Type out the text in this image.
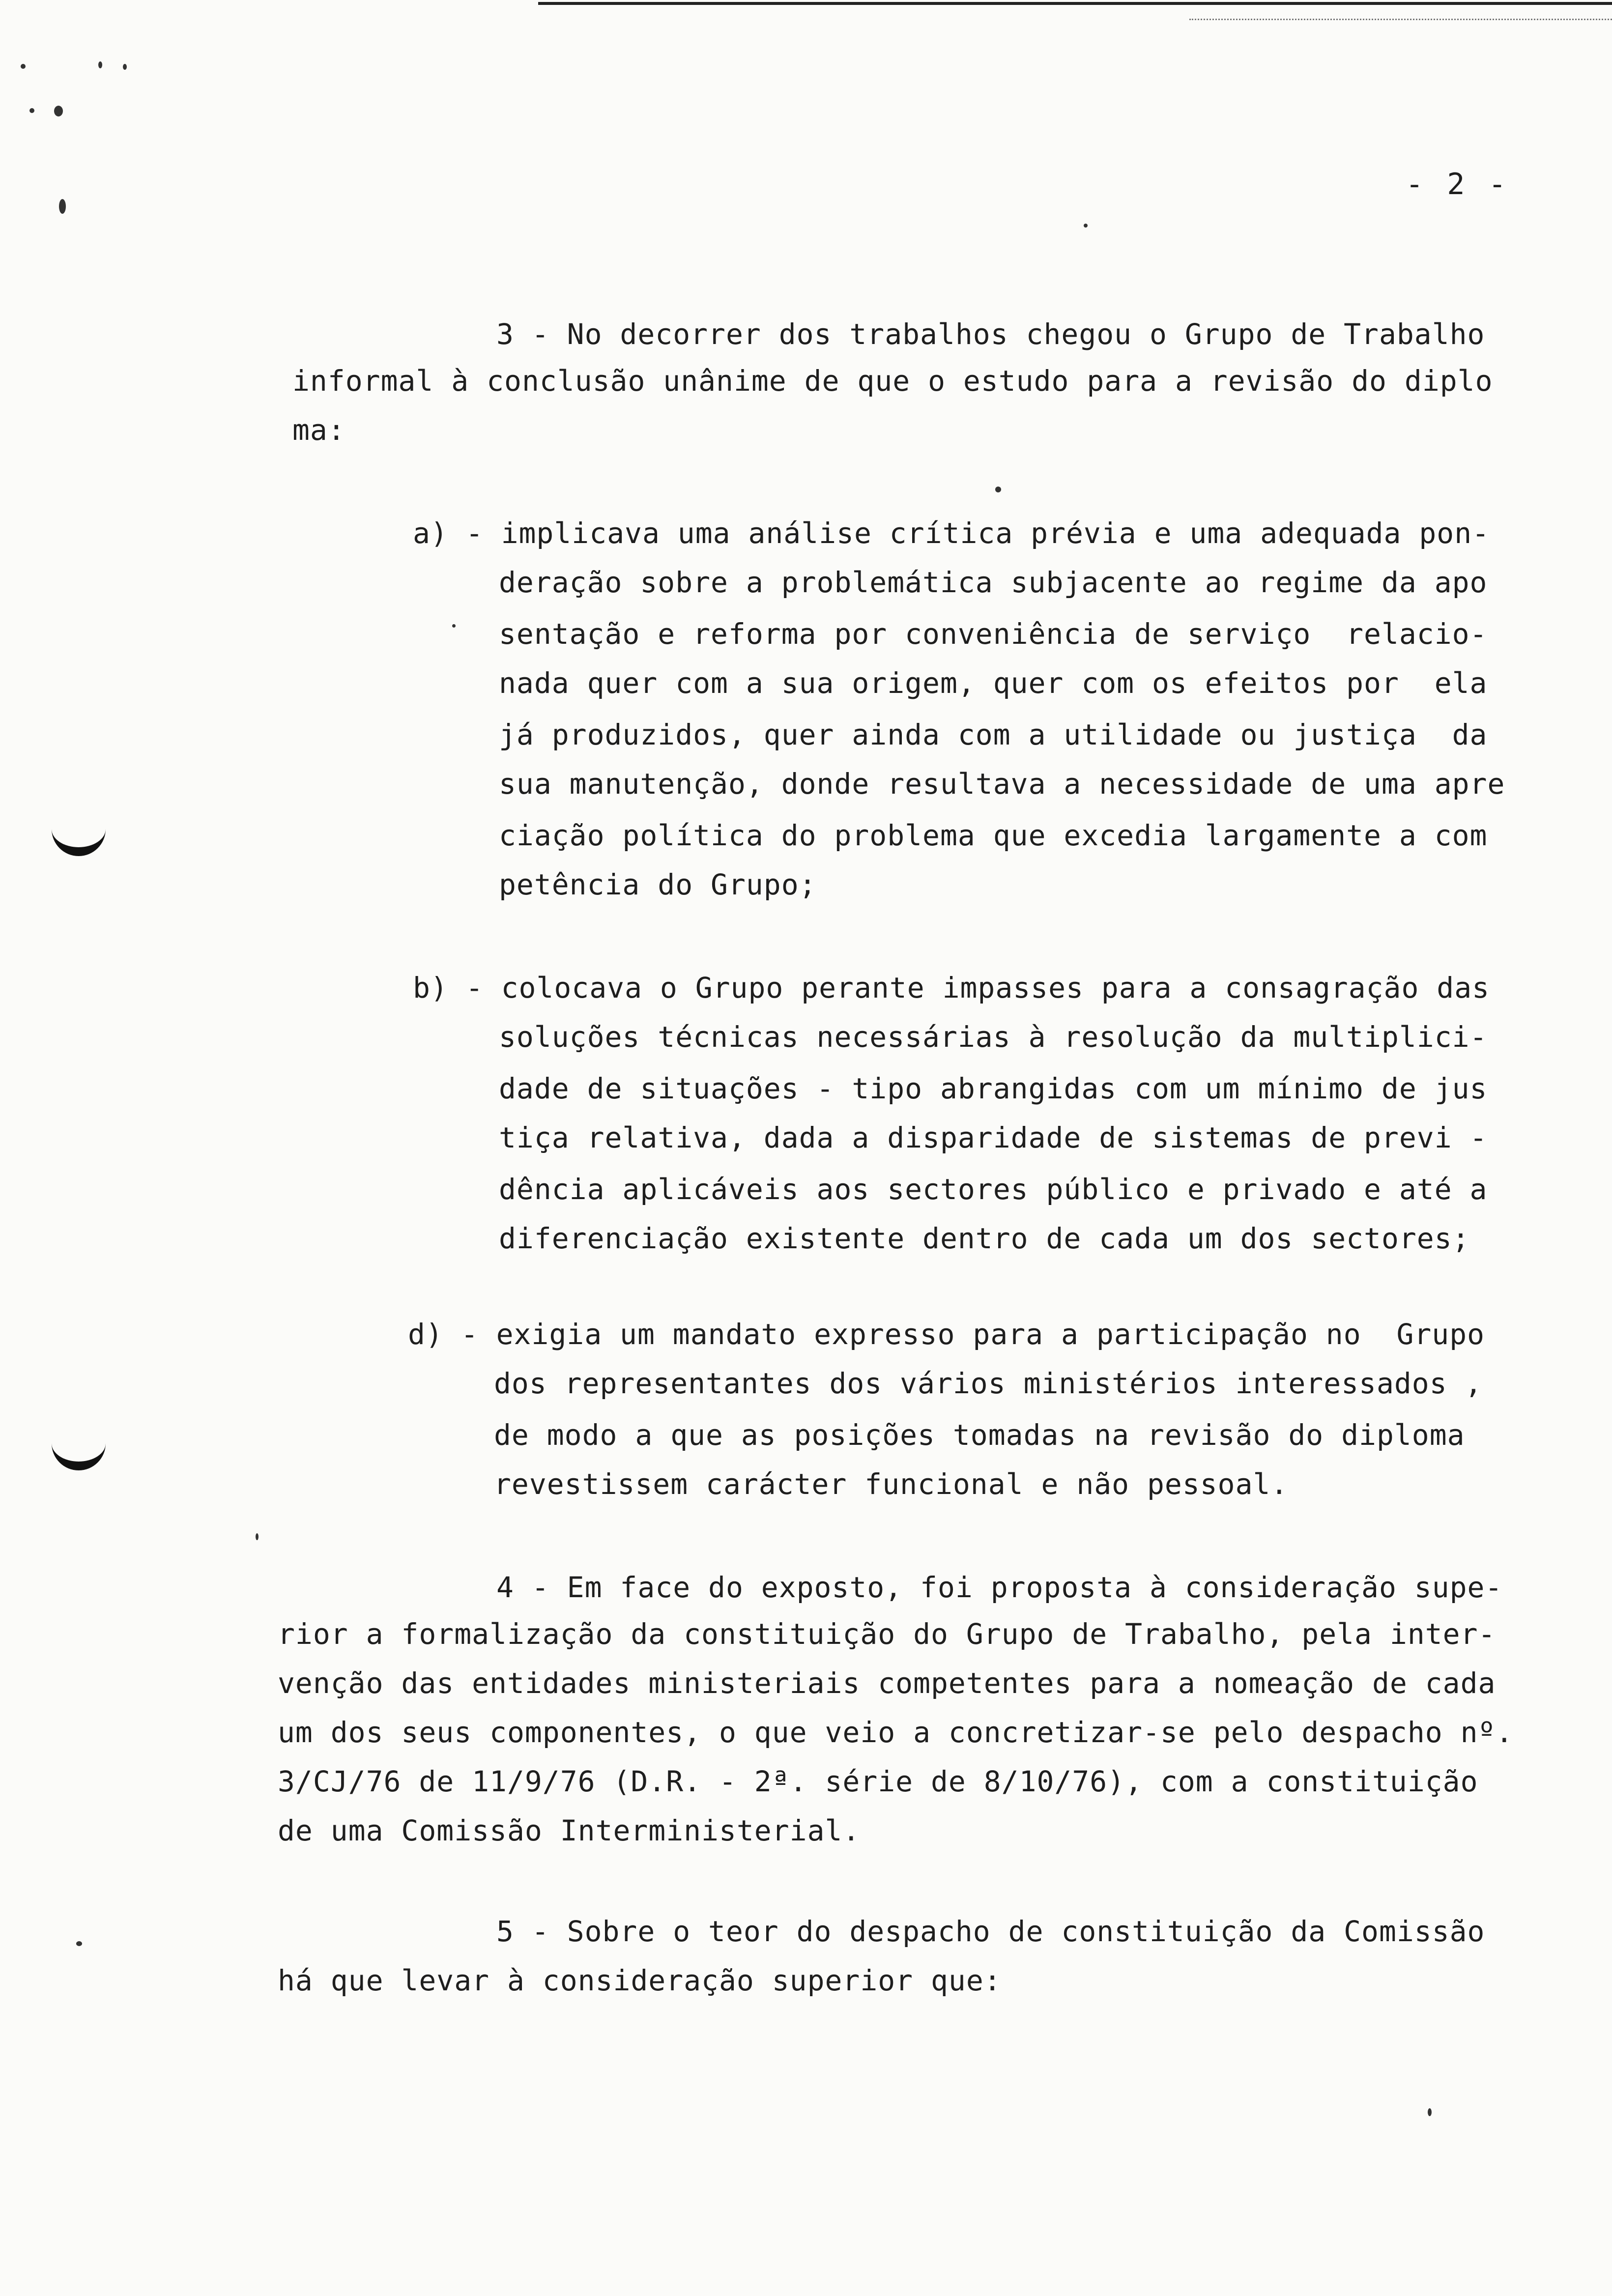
- 2 -
3 - No decorrer dos trabalhos chegou o Grupo de Trabalho
informal à conclusão unânime de que o estudo para a revisão do diplo
ma:
a) - implicava uma análise crítica prévia e uma adequada pon-
deração sobre a problemática subjacente ao regime da apo
sentação e reforma por conveniência de serviço  relacio-
nada quer com a sua origem, quer com os efeitos por  ela
já produzidos, quer ainda com a utilidade ou justiça  da
sua manutenção, donde resultava a necessidade de uma apre
ciação política do problema que excedia largamente a com
petência do Grupo;
b) - colocava o Grupo perante impasses para a consagração das
soluções técnicas necessárias à resolução da multiplici-
dade de situações - tipo abrangidas com um mínimo de jus
tiça relativa, dada a disparidade de sistemas de previ -
dência aplicáveis aos sectores público e privado e até a
diferenciação existente dentro de cada um dos sectores;
d) - exigia um mandato expresso para a participação no  Grupo
dos representantes dos vários ministérios interessados ,
de modo a que as posições tomadas na revisão do diploma
revestissem carácter funcional e não pessoal.
4 - Em face do exposto, foi proposta à consideração supe-
rior a formalização da constituição do Grupo de Trabalho, pela inter-
venção das entidades ministeriais competentes para a nomeação de cada
um dos seus componentes, o que veio a concretizar-se pelo despacho nº.
3/CJ/76 de 11/9/76 (D.R. - 2ª. série de 8/10/76), com a constituição
de uma Comissão Interministerial.
5 - Sobre o teor do despacho de constituição da Comissão
há que levar à consideração superior que:
